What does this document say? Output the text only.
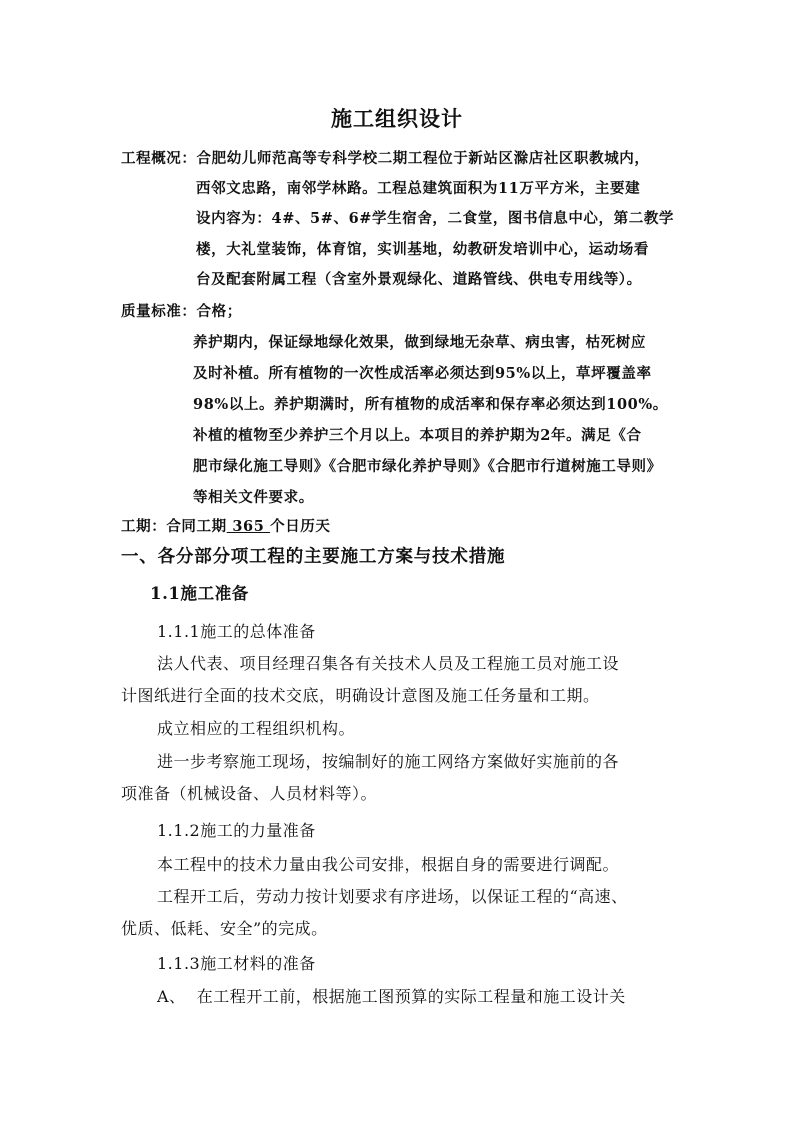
施工组织设计
工程概况：合肥幼儿师范高等专科学校二期工程位于新站区滁店社区职教城内，
西邻文忠路，南邻学林路。工程总建筑面积为11万平方米，主要建
设内容为：4#、5#、6#学生宿舍，二食堂，图书信息中心，第二教学
楼，大礼堂装饰，体育馆，实训基地，幼教研发培训中心，运动场看
台及配套附属工程（含室外景观绿化、道路管线、供电专用线等）。
质量标准：合格；
养护期内，保证绿地绿化效果，做到绿地无杂草、病虫害，枯死树应
及时补植。所有植物的一次性成活率必须达到95%以上，草坪覆盖率
98%以上。养护期满时，所有植物的成活率和保存率必须达到100%。
补植的植物至少养护三个月以上。本项目的养护期为2年。满足《合
肥市绿化施工导则》《合肥市绿化养护导则》《合肥市行道树施工导则》
等相关文件要求。
工期：合同工期 365 个日历天
一、各分部分项工程的主要施工方案与技术措施
1.1施工准备
1.1.1施工的总体准备
法人代表、项目经理召集各有关技术人员及工程施工员对施工设
计图纸进行全面的技术交底，明确设计意图及施工任务量和工期。
成立相应的工程组织机构。
进一步考察施工现场，按编制好的施工网络方案做好实施前的各
项准备（机械设备、人员材料等）。
1.1.2施工的力量准备
本工程中的技术力量由我公司安排，根据自身的需要进行调配。
工程开工后，劳动力按计划要求有序进场，以保证工程的“高速、
优质、低耗、安全”的完成。
1.1.3施工材料的准备
A、 在工程开工前，根据施工图预算的实际工程量和施工设计关
